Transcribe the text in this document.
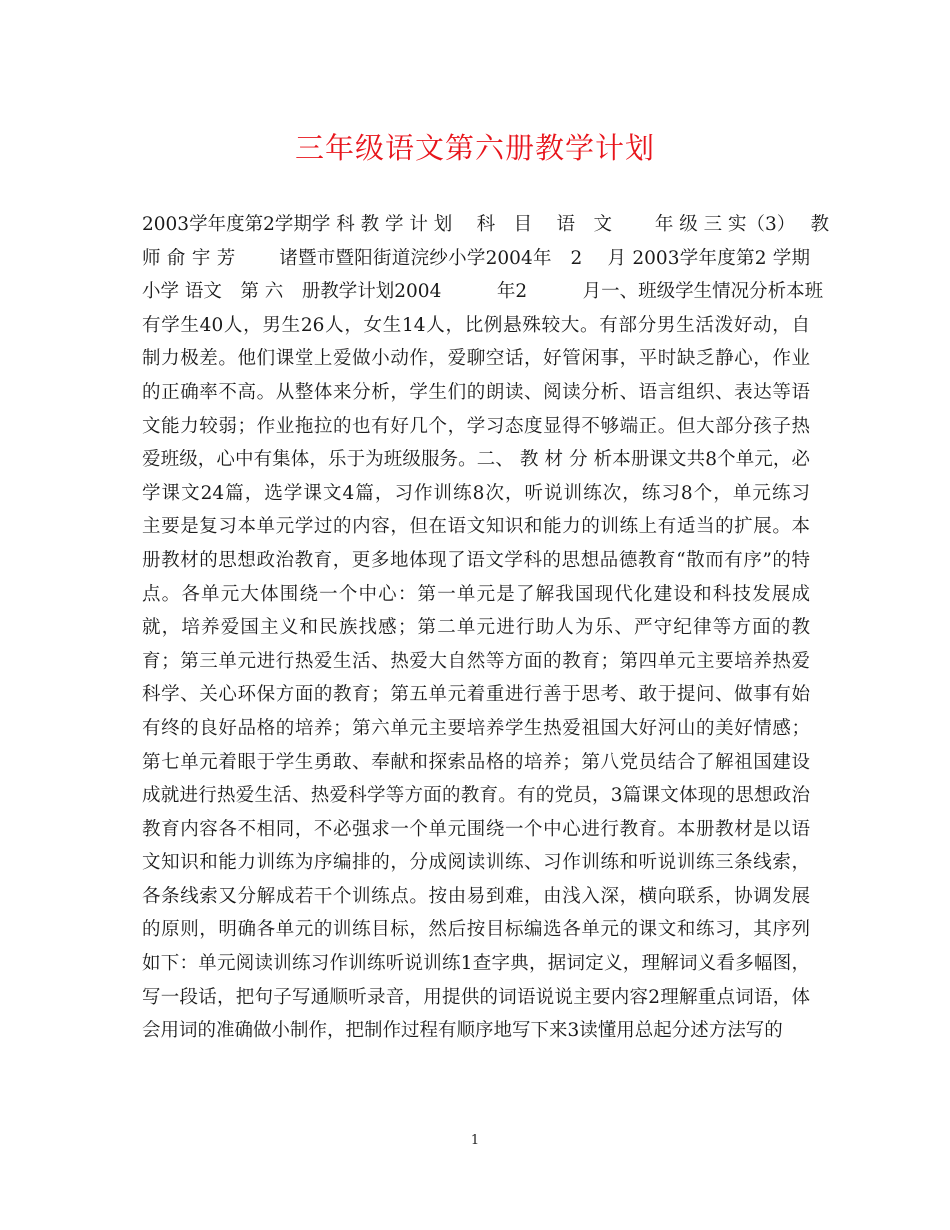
三年级语文第六册教学计划
2003学年度第2学期学 科 教 学 计 划　 科　目　 语　文　　 年 级 三 实（3）　 教
师 俞 宇 芳　　 诸暨市暨阳街道浣纱小学2004年　2　 月 2003学年度第2 学期
小学 语文　第 六　册教学计划2004　　　年2　　　月一、班级学生情况分析本班
有学生40人，男生26人，女生14人，比例悬殊较大。有部分男生活泼好动，自
制力极差。他们课堂上爱做小动作，爱聊空话，好管闲事，平时缺乏静心，作业
的正确率不高。从整体来分析，学生们的朗读、阅读分析、语言组织、表达等语
文能力较弱；作业拖拉的也有好几个，学习态度显得不够端正。但大部分孩子热
爱班级，心中有集体，乐于为班级服务。二、 教 材 分 析本册课文共8个单元，必
学课文24篇，选学课文4篇，习作训练8次，听说训练次，练习8个，单元练习
主要是复习本单元学过的内容，但在语文知识和能力的训练上有适当的扩展。本
册教材的思想政治教育，更多地体现了语文学科的思想品德教育“散而有序”的特
点。各单元大体围绕一个中心：第一单元是了解我国现代化建设和科技发展成
就，培养爱国主义和民族找感；第二单元进行助人为乐、严守纪律等方面的教
育；第三单元进行热爱生活、热爱大自然等方面的教育；第四单元主要培养热爱
科学、关心环保方面的教育；第五单元着重进行善于思考、敢于提问、做事有始
有终的良好品格的培养；第六单元主要培养学生热爱祖国大好河山的美好情感；
第七单元着眼于学生勇敢、奉献和探索品格的培养；第八党员结合了解祖国建设
成就进行热爱生活、热爱科学等方面的教育。有的党员，3篇课文体现的思想政治
教育内容各不相同，不必强求一个单元围绕一个中心进行教育。本册教材是以语
文知识和能力训练为序编排的，分成阅读训练、习作训练和听说训练三条线索，
各条线索又分解成若干个训练点。按由易到难，由浅入深，横向联系，协调发展
的原则，明确各单元的训练目标，然后按目标编选各单元的课文和练习，其序列
如下：单元阅读训练习作训练听说训练1查字典，据词定义，理解词义看多幅图，
写一段话，把句子写通顺听录音，用提供的词语说说主要内容2理解重点词语，体
会用词的准确做小制作，把制作过程有顺序地写下来3读懂用总起分述方法写的
1
